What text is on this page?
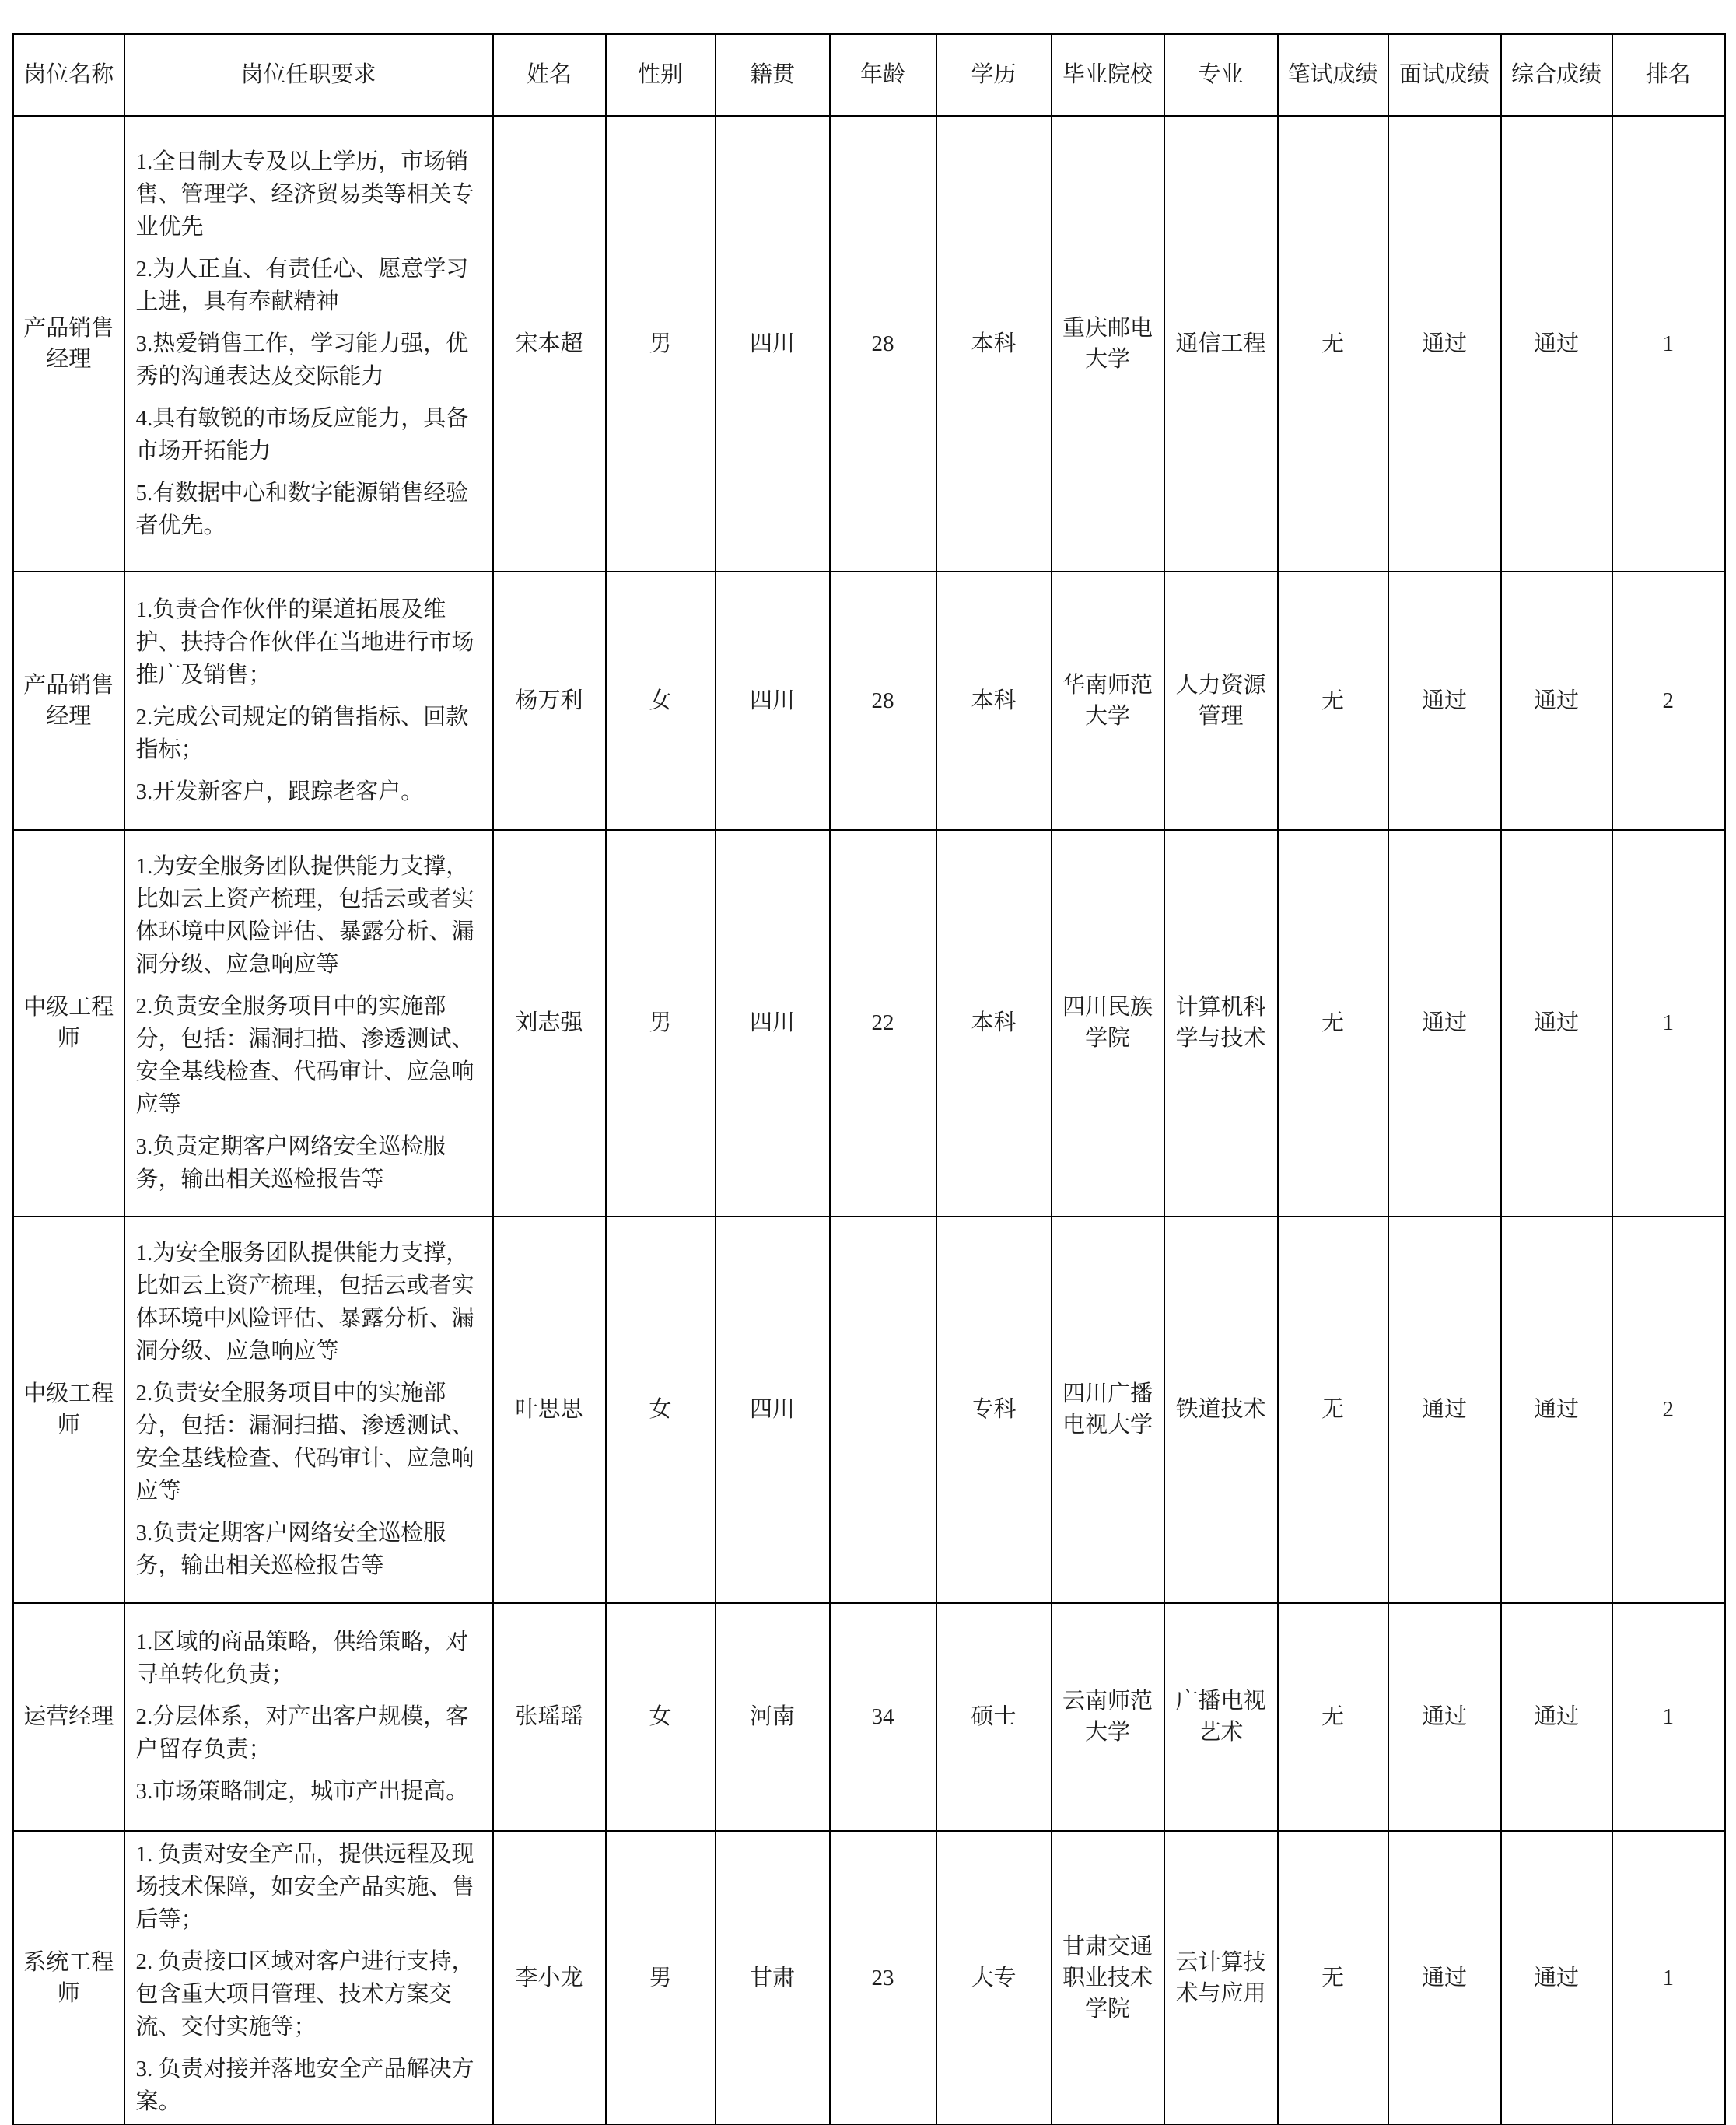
岗位名称	岗位任职要求	姓名	性别	籍贯	年龄	学历	毕业院校	专业	笔试成绩	面试成绩	综合成绩	排名
产品销售经理	1.全日制大专及以上学历，市场销售、管理学、经济贸易类等相关专业优先

2.为人正直、有责任心、愿意学习上进，具有奉献精神

3.热爱销售工作，学习能力强，优秀的沟通表达及交际能力

4.具有敏锐的市场反应能力，具备市场开拓能力

5.有数据中心和数字能源销售经验者优先。	宋本超	男	四川	28	本科	重庆邮电大学	通信工程	无	通过	通过	1
产品销售经理	1.负责合作伙伴的渠道拓展及维护、扶持合作伙伴在当地进行市场推广及销售；

2.完成公司规定的销售指标、回款指标；

3.开发新客户，跟踪老客户。	杨万利	女	四川	28	本科	华南师范大学	人力资源管理	无	通过	通过	2
中级工程师	1.为安全服务团队提供能力支撑，比如云上资产梳理，包括云或者实体环境中风险评估、暴露分析、漏洞分级、应急响应等

2.负责安全服务项目中的实施部分，包括：漏洞扫描、渗透测试、安全基线检查、代码审计、应急响应等

3.负责定期客户网络安全巡检服务，输出相关巡检报告等	刘志强	男	四川	22	本科	四川民族学院	计算机科学与技术	无	通过	通过	1
中级工程师	1.为安全服务团队提供能力支撑，比如云上资产梳理，包括云或者实体环境中风险评估、暴露分析、漏洞分级、应急响应等

2.负责安全服务项目中的实施部分，包括：漏洞扫描、渗透测试、安全基线检查、代码审计、应急响应等

3.负责定期客户网络安全巡检服务，输出相关巡检报告等	叶思思	女	四川		专科	四川广播电视大学	铁道技术	无	通过	通过	2
运营经理	1.区域的商品策略，供给策略，对寻单转化负责；

2.分层体系，对产出客户规模，客户留存负责；

3.市场策略制定，城市产出提高。	张瑶瑶	女	河南	34	硕士	云南师范大学	广播电视艺术	无	通过	通过	1
系统工程师	1. 负责对安全产品，提供远程及现场技术保障，如安全产品实施、售后等；

2. 负责接口区域对客户进行支持，包含重大项目管理、技术方案交流、交付实施等；

3. 负责对接并落地安全产品解决方案。	李小龙	男	甘肃	23	大专	甘肃交通职业技术学院	云计算技术与应用	无	通过	通过	1
